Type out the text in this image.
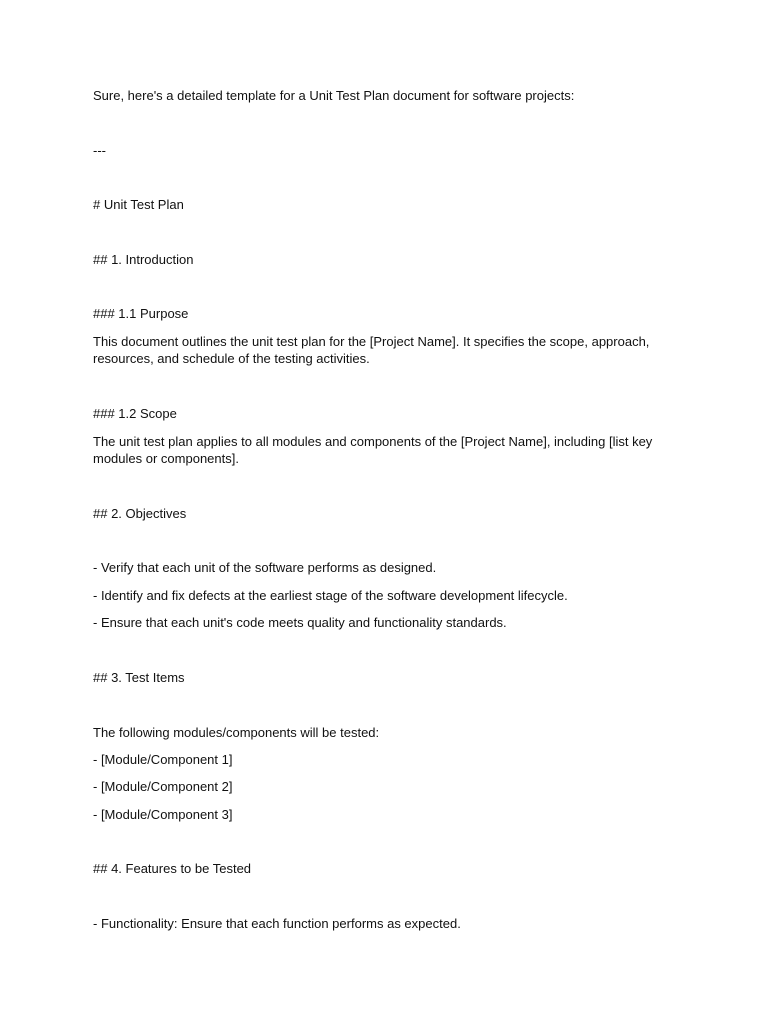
Sure, here's a detailed template for a Unit Test Plan document for software projects:
---
# Unit Test Plan
## 1. Introduction
### 1.1 Purpose
This document outlines the unit test plan for the [Project Name]. It specifies the scope, approach,
resources, and schedule of the testing activities.
### 1.2 Scope
The unit test plan applies to all modules and components of the [Project Name], including [list key
modules or components].
## 2. Objectives
- Verify that each unit of the software performs as designed.
- Identify and fix defects at the earliest stage of the software development lifecycle.
- Ensure that each unit's code meets quality and functionality standards.
## 3. Test Items
The following modules/components will be tested:
- [Module/Component 1]
- [Module/Component 2]
- [Module/Component 3]
## 4. Features to be Tested
- Functionality: Ensure that each function performs as expected.
